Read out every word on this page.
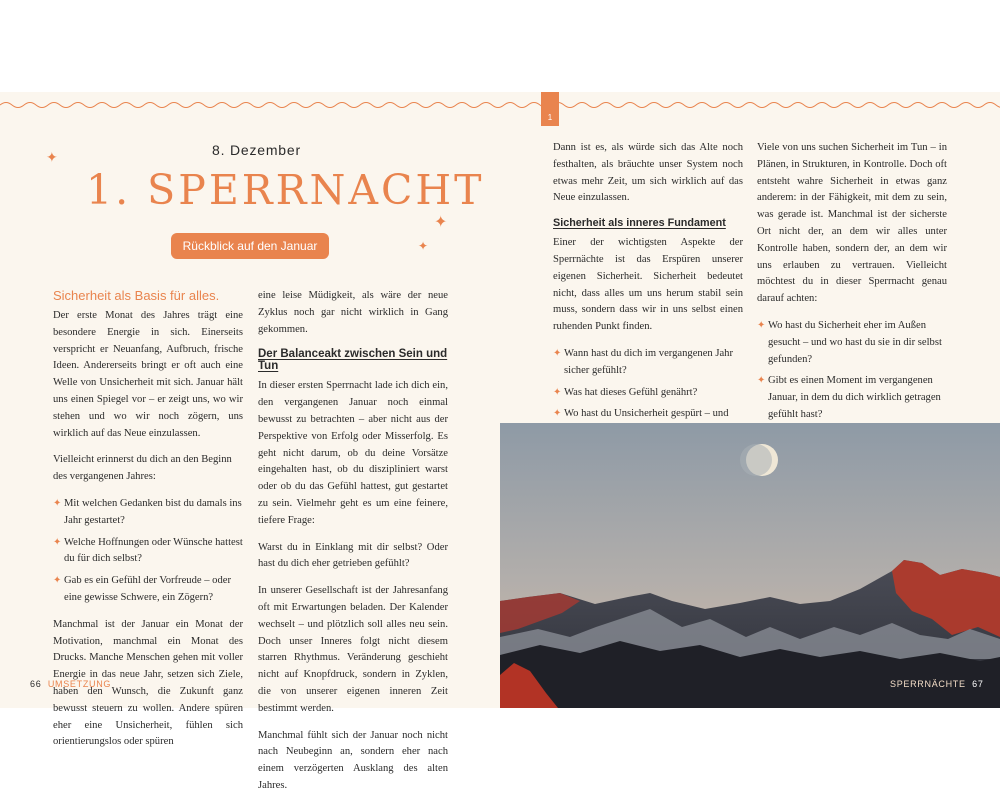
1
8. Dezember
1. SPERRNACHT
Rückblick auf den Januar
✦
✦
✦
Sicherheit als Basis für alles.

Der erste Monat des Jahres trägt eine besondere Energie in sich. Einerseits verspricht er Neuanfang, Aufbruch, frische Ideen. Andererseits bringt er oft auch eine Welle von Unsicherheit mit sich. Januar hält uns einen Spiegel vor – er zeigt uns, wo wir stehen und wo wir noch zögern, uns wirklich auf das Neue einzulassen.

Vielleicht erinnerst du dich an den Beginn des vergangenen Jahres:

✦ Mit welchen Gedanken bist du damals ins Jahr gestartet?
✦ Welche Hoffnungen oder Wünsche hattest du für dich selbst?
✦ Gab es ein Gefühl der Vorfreude – oder eine gewisse Schwere, ein Zögern?

Manchmal ist der Januar ein Monat der Motivation, manchmal ein Monat des Drucks. Manche Menschen gehen mit voller Energie in das neue Jahr, setzen sich Ziele, haben den Wunsch, die Zukunft ganz bewusst steuern zu wollen. Andere spüren eher eine Unsicherheit, fühlen sich orientierungslos oder spüren

eine leise Müdigkeit, als wäre der neue Zyklus noch gar nicht wirklich in Gang gekommen.

Der Balanceakt zwischen Sein und Tun

In dieser ersten Sperrnacht lade ich dich ein, den vergangenen Januar noch einmal bewusst zu betrachten – aber nicht aus der Perspektive von Erfolg oder Misserfolg. Es geht nicht darum, ob du deine Vorsätze eingehalten hast, ob du diszipliniert warst oder ob du das Gefühl hattest, gut gestartet zu sein. Vielmehr geht es um eine feinere, tiefere Frage:

Warst du in Einklang mit dir selbst? Oder hast du dich eher getrieben gefühlt?

In unserer Gesellschaft ist der Jahresanfang oft mit Erwartungen beladen. Der Kalender wechselt – und plötzlich soll alles neu sein. Doch unser Inneres folgt nicht diesem starren Rhythmus. Veränderung geschieht nicht auf Knopfdruck, sondern in Zyklen, die von unserer eigenen inneren Zeit bestimmt werden.

Manchmal fühlt sich der Januar noch nicht nach Neubeginn an, sondern eher nach einem verzögerten Ausklang des alten Jahres.

66 UMSETZUNG

Dann ist es, als würde sich das Alte noch festhalten, als bräuchte unser System noch etwas mehr Zeit, um sich wirklich auf das Neue einzulassen.

Sicherheit als inneres Fundament

Einer der wichtigsten Aspekte der Sperrnächte ist das Erspüren unserer eigenen Sicherheit. Sicherheit bedeutet nicht, dass alles um uns herum stabil sein muss, sondern dass wir in uns selbst einen ruhenden Punkt finden.

✦ Wann hast du dich im vergangenen Jahr sicher gefühlt?
✦ Was hat dieses Gefühl genährt?
✦ Wo hast du Unsicherheit gespürt – und

Viele von uns suchen Sicherheit im Tun – in Plänen, in Strukturen, in Kontrolle. Doch oft entsteht wahre Sicherheit in etwas ganz anderem: in der Fähigkeit, mit dem zu sein, was gerade ist. Manchmal ist der sicherste Ort nicht der, an dem wir alles unter Kontrolle haben, sondern der, an dem wir uns erlauben zu vertrauen. Vielleicht möchtest du in dieser Sperrnacht genau darauf achten:

✦ Wo hast du Sicherheit eher im Außen gesucht – und wo hast du sie in dir selbst gefunden?
✦ Gibt es einen Moment im vergangenen Januar, in dem du dich wirklich getragen gefühlt hast?
SPERRNÄCHTE 67
